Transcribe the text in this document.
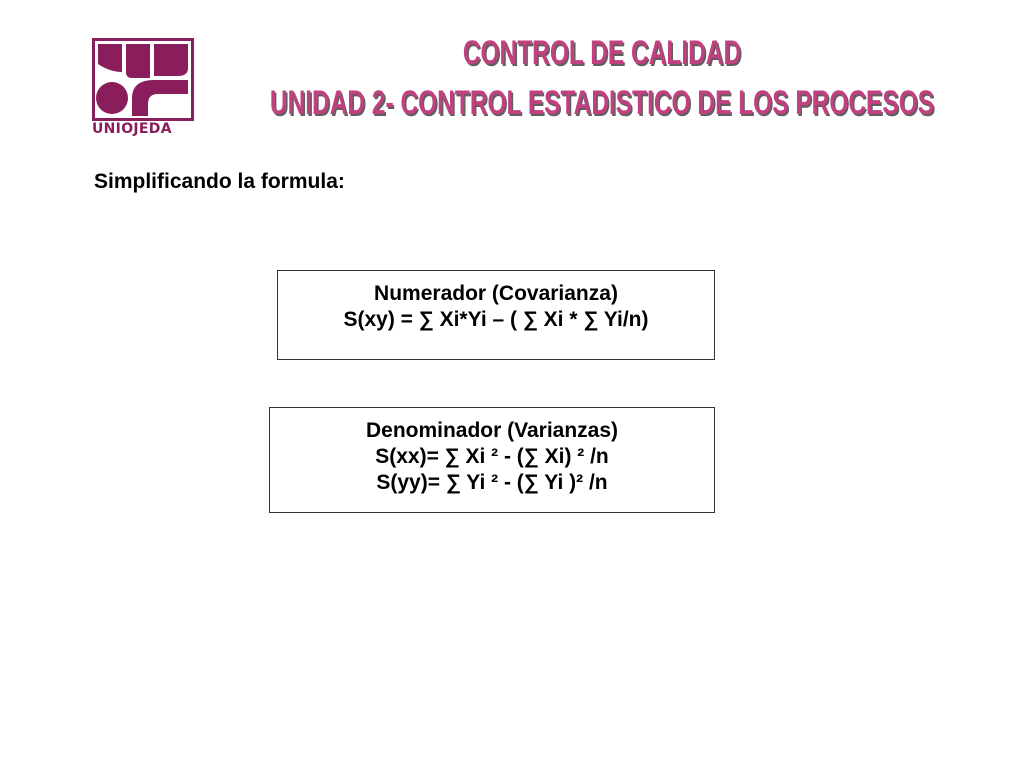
UNIOJEDA
CONTROL DE CALIDAD
UNIDAD 2- CONTROL ESTADISTICO DE LOS PROCESOS
Simplificando la formula:
Numerador (Covarianza)
S(xy) = ∑ Xi*Yi – ( ∑ Xi * ∑ Yi/n)
Denominador (Varianzas)
S(xx)= ∑ Xi ² - (∑ Xi) ² /n
S(yy)= ∑ Yi ² - (∑ Yi )² /n
